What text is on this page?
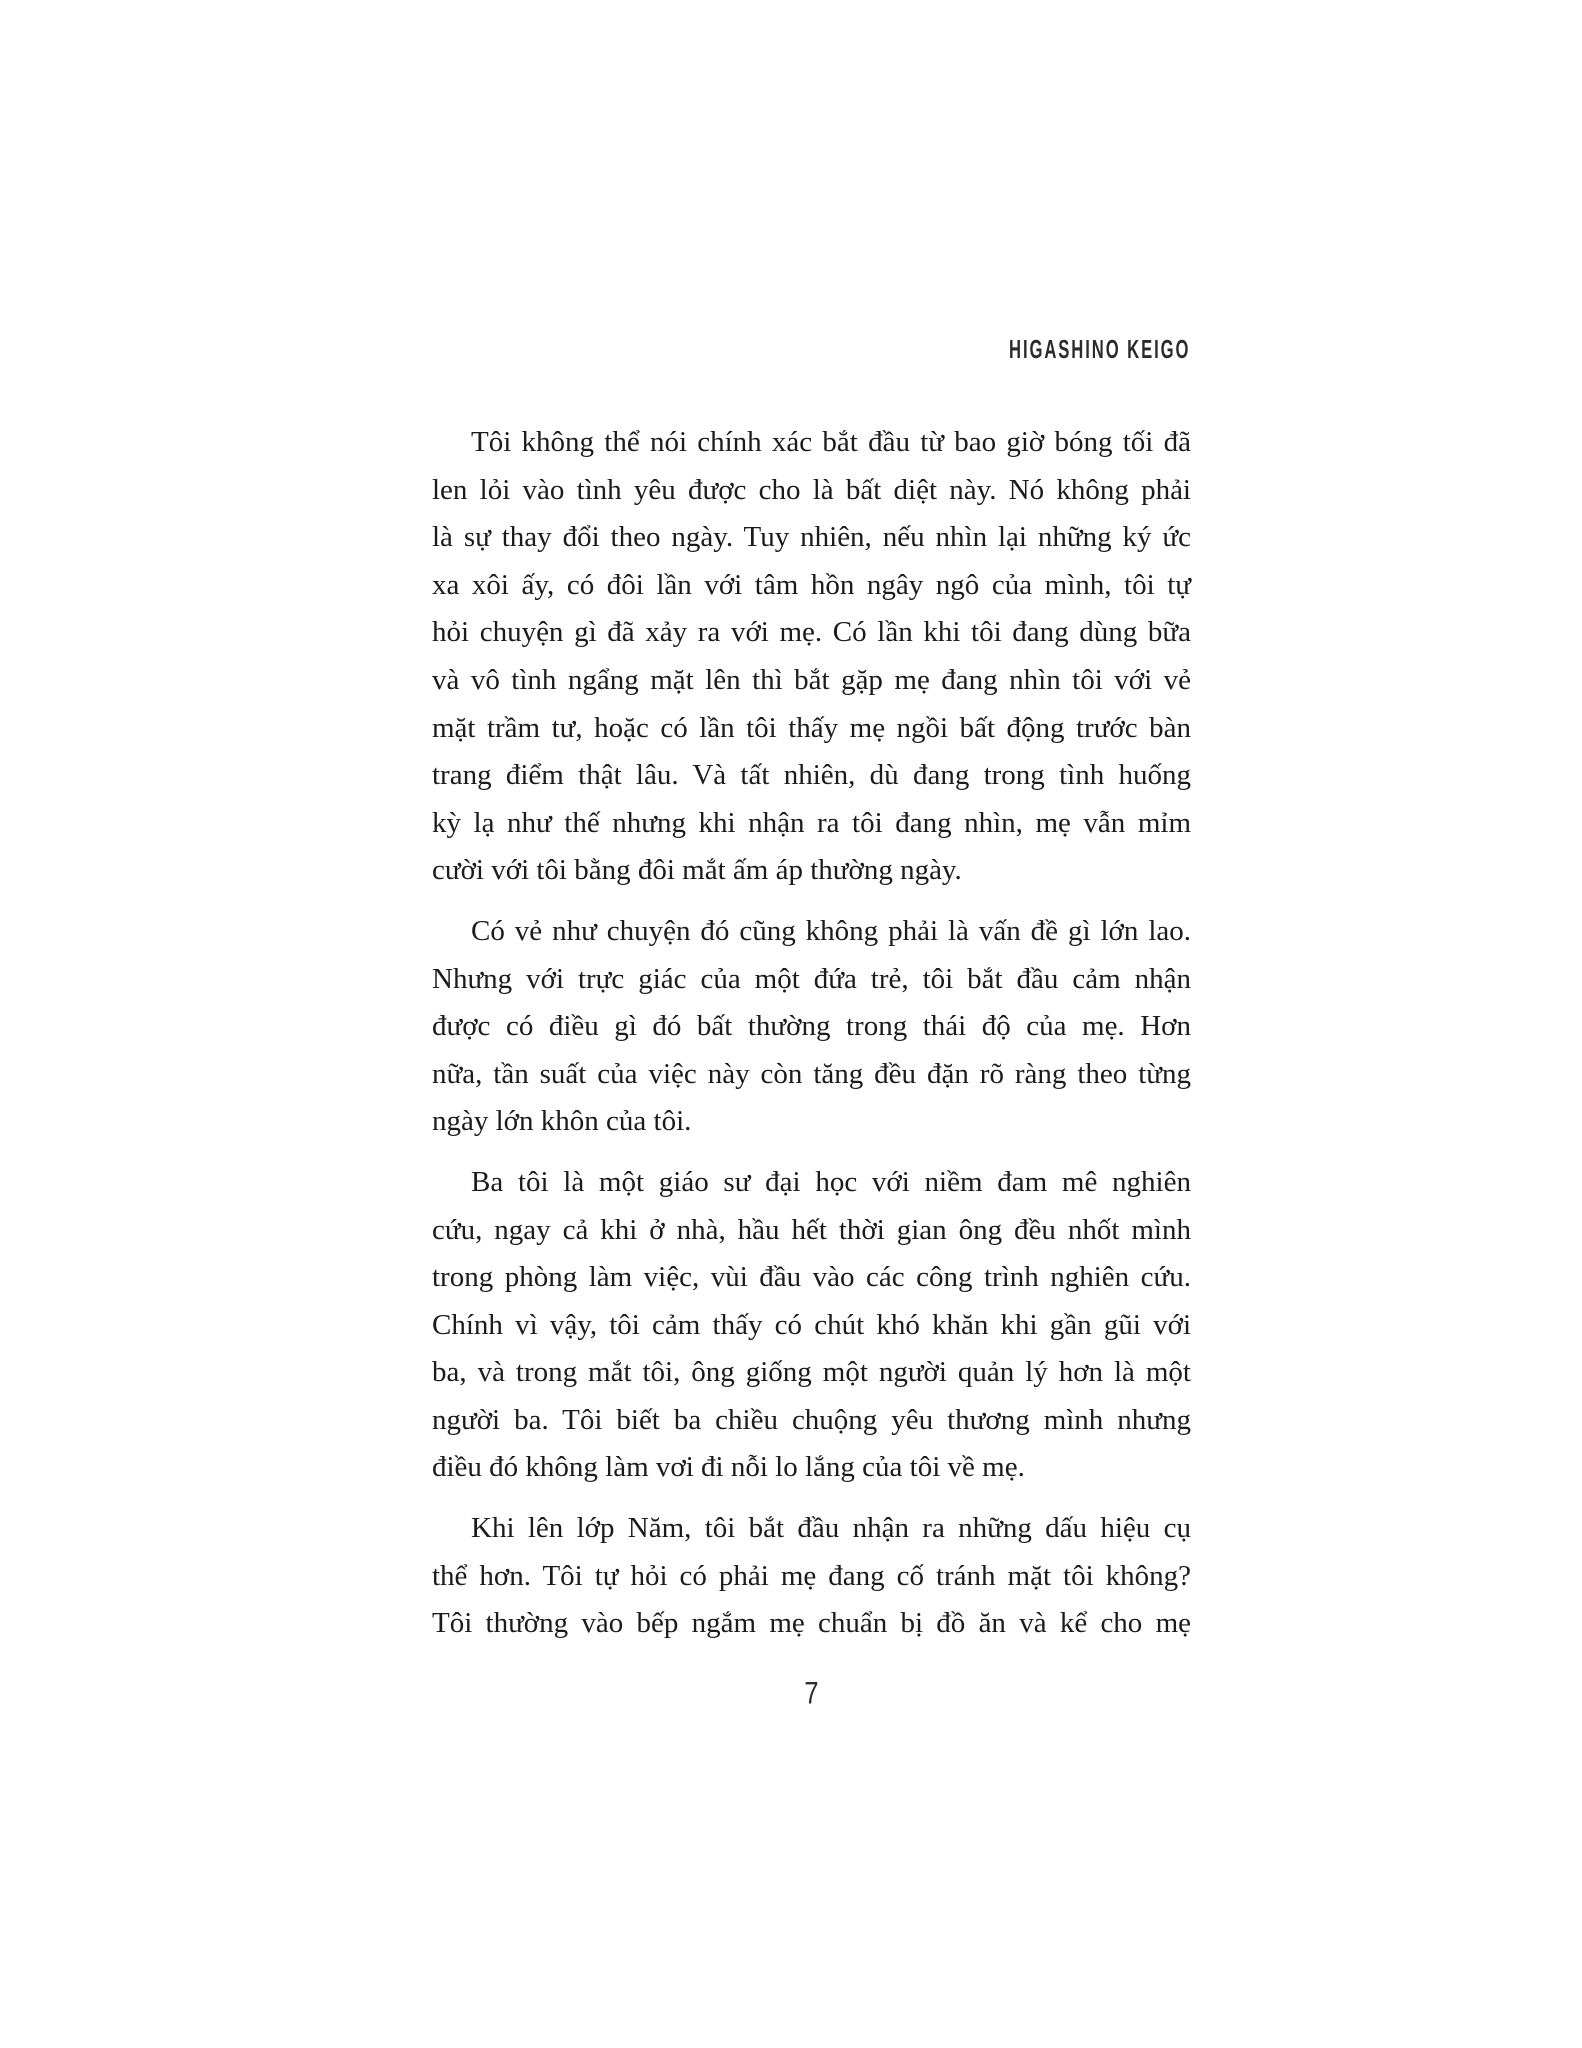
HIGASHINO KEIGO
Tôi không thể nói chính xác bắt đầu từ bao giờ bóng tối đã
len lỏi vào tình yêu được cho là bất diệt này. Nó không phải
là sự thay đổi theo ngày. Tuy nhiên, nếu nhìn lại những ký ức
xa xôi ấy, có đôi lần với tâm hồn ngây ngô của mình, tôi tự
hỏi chuyện gì đã xảy ra với mẹ. Có lần khi tôi đang dùng bữa
và vô tình ngẩng mặt lên thì bắt gặp mẹ đang nhìn tôi với vẻ
mặt trầm tư, hoặc có lần tôi thấy mẹ ngồi bất động trước bàn
trang điểm thật lâu. Và tất nhiên, dù đang trong tình huống
kỳ lạ như thế nhưng khi nhận ra tôi đang nhìn, mẹ vẫn mỉm
cười với tôi bằng đôi mắt ấm áp thường ngày.
Có vẻ như chuyện đó cũng không phải là vấn đề gì lớn lao.
Nhưng với trực giác của một đứa trẻ, tôi bắt đầu cảm nhận
được có điều gì đó bất thường trong thái độ của mẹ. Hơn
nữa, tần suất của việc này còn tăng đều đặn rõ ràng theo từng
ngày lớn khôn của tôi.
Ba tôi là một giáo sư đại học với niềm đam mê nghiên
cứu, ngay cả khi ở nhà, hầu hết thời gian ông đều nhốt mình
trong phòng làm việc, vùi đầu vào các công trình nghiên cứu.
Chính vì vậy, tôi cảm thấy có chút khó khăn khi gần gũi với
ba, và trong mắt tôi, ông giống một người quản lý hơn là một
người ba. Tôi biết ba chiều chuộng yêu thương mình nhưng
điều đó không làm vơi đi nỗi lo lắng của tôi về mẹ.
Khi lên lớp Năm, tôi bắt đầu nhận ra những dấu hiệu cụ
thể hơn. Tôi tự hỏi có phải mẹ đang cố tránh mặt tôi không?
Tôi thường vào bếp ngắm mẹ chuẩn bị đồ ăn và kể cho mẹ
7
